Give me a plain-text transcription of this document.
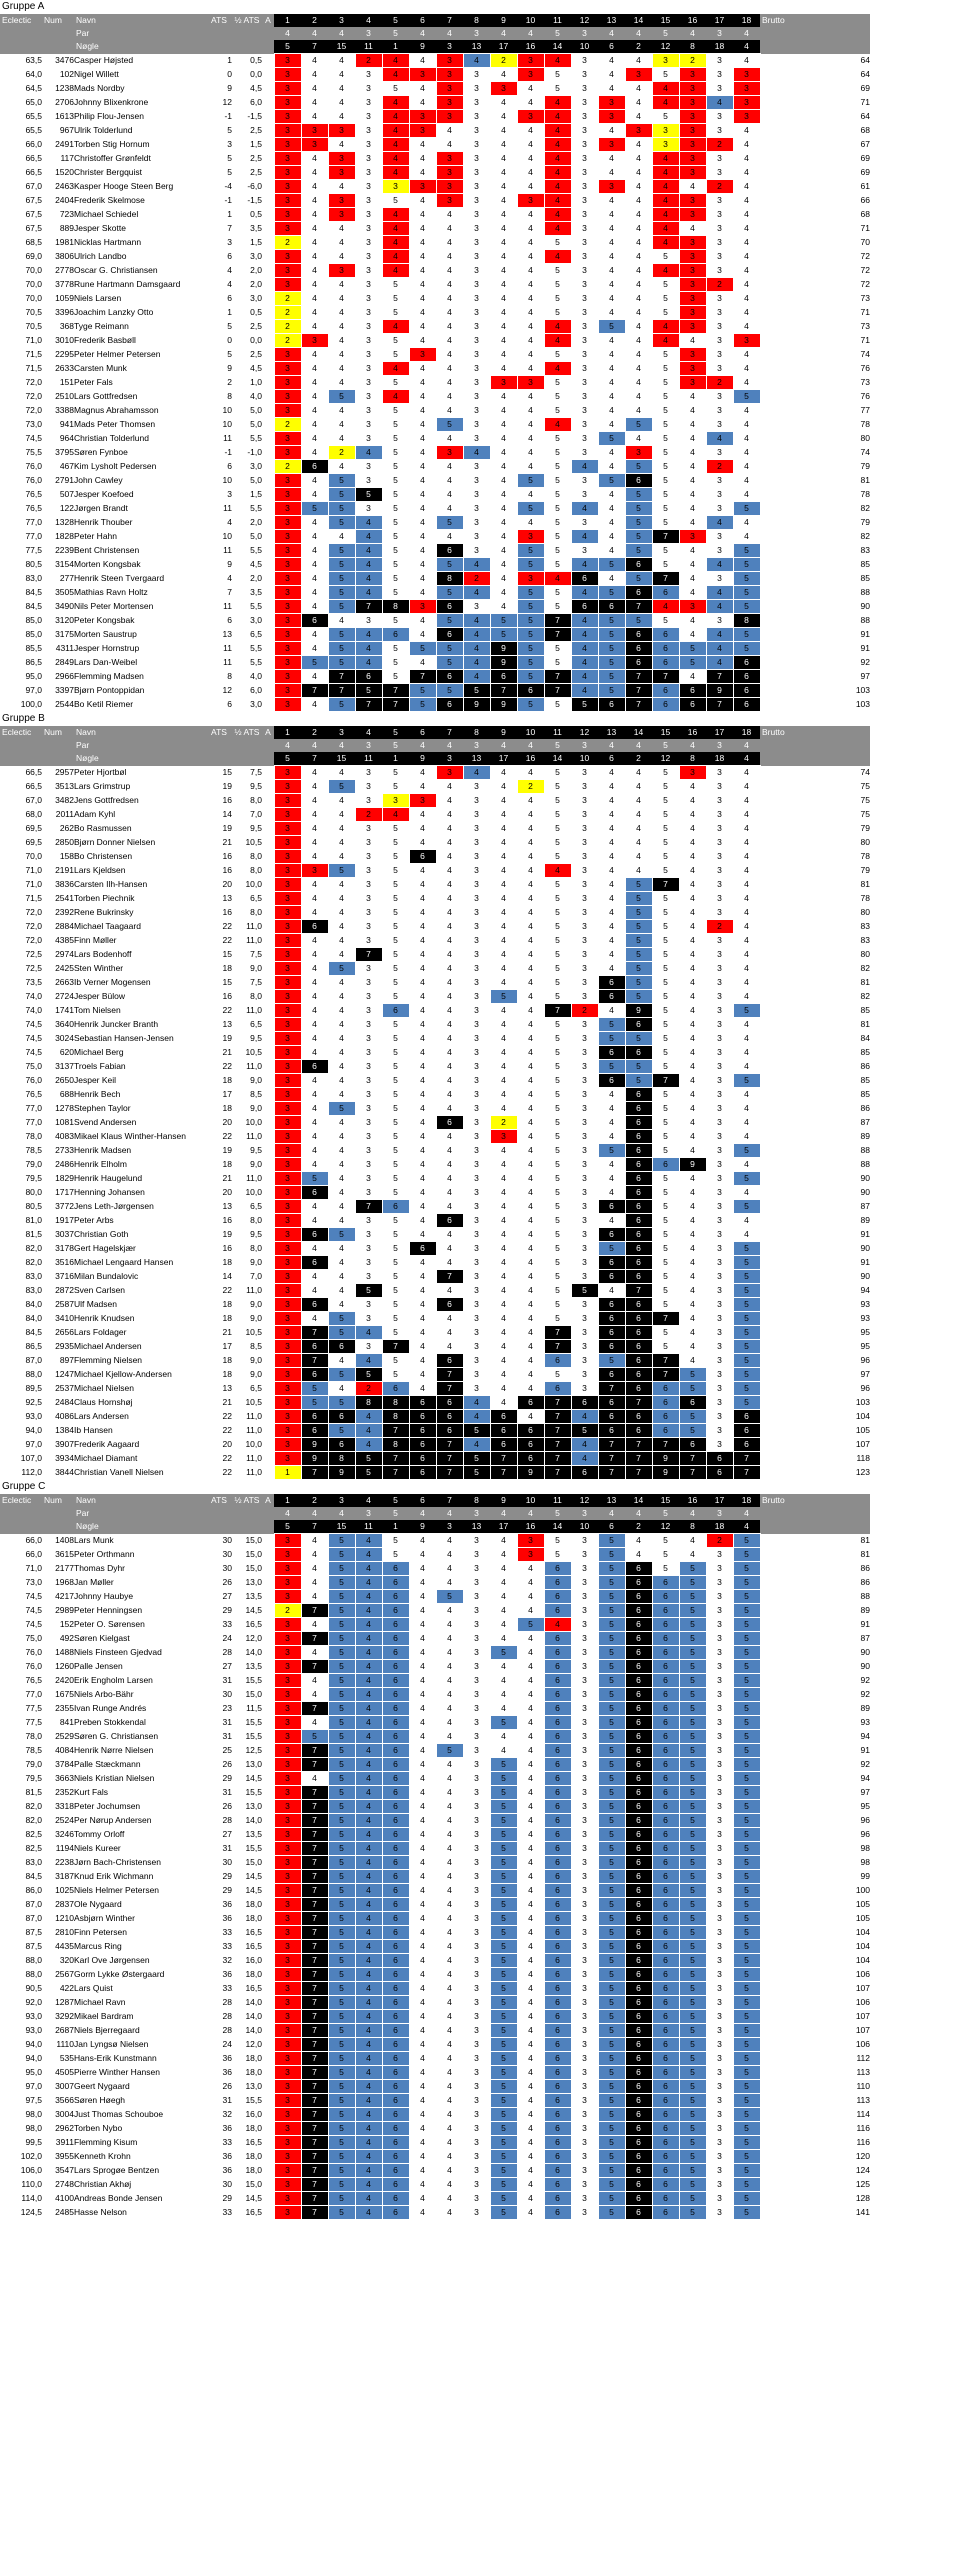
Gruppe A
Eclectic	Num	Navn	ATS	½ ATS	A	1	2	3	4	5	6	7	8	9	10	11	12	13	14	15	16	17	18	Brutto
		Par				4	4	4	3	5	4	4	3	4	4	5	3	4	4	5	4	3	4	
		Nøgle				5	7	15	11	1	9	3	13	17	16	14	10	6	2	12	8	18	4	
63,5	3476	Casper Højsted	1	0,5		3	4	4	2	4	4	3	4	2	3	4	3	4	4	3	2	3	4	64
64,0	102	Nigel Willett	0	0,0		3	4	4	3	4	3	3	3	4	3	5	3	4	3	5	3	3	3	64
64,5	1238	Mads Nordby	9	4,5		3	4	4	3	5	4	3	3	3	4	5	3	4	4	4	3	3	3	69
65,0	2706	Johnny Blixenkrone	12	6,0		3	4	4	3	4	4	3	3	4	4	4	3	3	4	4	3	4	3	71
65,5	1613	Philip Flou-Jensen	-1	-1,5		3	4	4	3	4	3	3	3	4	3	4	3	3	4	5	3	3	3	64
65,5	967	Ulrik Tolderlund	5	2,5		3	3	3	3	4	3	4	3	4	4	4	3	4	3	3	3	3	4	68
66,0	2491	Torben Stig Hornum	3	1,5		3	3	4	3	4	4	4	3	4	4	4	3	3	4	3	3	2	4	67
66,5	117	Christoffer Grønfeldt	5	2,5		3	4	3	3	4	4	3	3	4	4	4	3	4	4	4	3	3	4	69
66,5	1520	Christer Bergquist	5	2,5		3	4	3	3	4	4	3	3	4	4	4	3	4	4	4	3	3	4	69
67,0	2463	Kasper Hooge Steen Berg	-4	-6,0		3	4	4	3	3	3	3	3	4	4	4	3	3	4	4	4	2	4	61
67,5	2404	Frederik Skelmose	-1	-1,5		3	4	3	3	5	4	3	3	4	3	4	3	4	4	4	3	3	4	66
67,5	723	Michael Schiedel	1	0,5		3	4	3	3	4	4	4	3	4	4	4	3	4	4	4	3	3	4	68
67,5	889	Jesper Skotte	7	3,5		3	4	4	3	4	4	4	3	4	4	4	3	4	4	4	4	3	4	71
68,5	1981	Nicklas Hartmann	3	1,5		2	4	4	3	4	4	4	3	4	4	5	3	4	4	4	3	3	4	70
69,0	3806	Ulrich Landbo	6	3,0		3	4	4	3	4	4	4	3	4	4	4	3	4	4	5	3	3	4	72
70,0	2778	Oscar G. Christiansen	4	2,0		3	4	3	3	4	4	4	3	4	4	5	3	4	4	4	3	3	4	72
70,0	3778	Rune Hartmann Damsgaard	4	2,0		3	4	4	3	5	4	4	3	4	4	5	3	4	4	5	3	2	4	72
70,0	1059	Niels Larsen	6	3,0		2	4	4	3	5	4	4	3	4	4	5	3	4	4	5	3	3	4	73
70,5	3396	Joachim Lanzky Otto	1	0,5		2	4	4	3	5	4	4	3	4	4	5	3	4	4	5	3	3	4	71
70,5	368	Tyge Reimann	5	2,5		2	4	4	3	4	4	4	3	4	4	4	3	5	4	4	3	3	4	73
71,0	3010	Frederik Basbøll	0	0,0		2	3	4	3	5	4	4	3	4	4	4	3	4	4	4	4	3	3	71
71,5	2295	Peter Helmer Petersen	5	2,5		3	4	4	3	5	3	4	3	4	4	5	3	4	4	5	3	3	4	74
71,5	2633	Carsten Munk	9	4,5		3	4	4	3	4	4	4	3	4	4	4	3	4	4	5	3	3	4	76
72,0	151	Peter Fals	2	1,0		3	4	4	3	5	4	4	3	3	3	5	3	4	4	5	3	2	4	73
72,0	2510	Lars Gottfredsen	8	4,0		3	4	5	3	4	4	4	3	4	4	5	3	4	4	5	4	3	5	76
72,0	3388	Magnus Abrahamsson	10	5,0		3	4	4	3	5	4	4	3	4	4	5	3	4	4	5	4	3	4	77
73,0	941	Mads Peter Thomsen	10	5,0		2	4	4	3	5	4	5	3	4	4	4	3	4	5	5	4	3	4	78
74,5	964	Christian Tolderlund	11	5,5		3	4	4	3	5	4	4	3	4	4	5	3	5	4	5	4	4	4	80
75,5	3795	Søren Fynboe	-1	-1,0		3	4	2	4	5	4	3	4	4	4	5	3	4	3	5	4	3	4	74
76,0	467	Kim Lysholt Pedersen	6	3,0		2	6	4	3	5	4	4	3	4	4	5	4	4	5	5	4	2	4	79
76,0	2791	John Cawley	10	5,0		3	4	5	3	5	4	4	3	4	5	5	3	5	6	5	4	3	4	81
76,5	507	Jesper Koefoed	3	1,5		3	4	5	5	5	4	4	3	4	4	5	3	4	5	5	4	3	4	78
76,5	122	Jørgen Brandt	11	5,5		3	5	5	3	5	4	4	3	4	5	5	4	4	5	5	4	3	5	82
77,0	1328	Henrik Thouber	4	2,0		3	4	5	4	5	4	5	3	4	4	5	3	4	5	5	4	4	4	79
77,0	1828	Peter Hahn	10	5,0		3	4	4	4	5	4	4	3	4	3	5	4	4	5	7	3	3	4	82
77,5	2239	Bent Christensen	11	5,5		3	4	5	4	5	4	6	3	4	5	5	3	4	5	5	4	3	5	83
80,5	3154	Morten Kongsbak	9	4,5		3	4	5	4	5	4	5	4	4	5	5	4	5	6	5	4	4	5	85
83,0	277	Henrik Steen Tvergaard	4	2,0		3	4	5	4	5	4	8	2	4	3	4	6	4	5	7	4	3	5	85
84,5	3505	Mathias Ravn Holtz	7	3,5		3	4	5	4	5	4	5	4	4	5	5	4	5	6	6	4	4	5	88
84,5	3490	Nils Peter Mortensen	11	5,5		3	4	5	7	8	3	6	3	4	5	5	6	6	7	4	3	4	5	90
85,0	3120	Peter Kongsbak	6	3,0		3	6	4	3	5	4	5	4	5	5	7	4	5	5	5	4	3	8	88
85,0	3175	Morten Saustrup	13	6,5		3	4	5	4	6	4	6	4	5	5	7	4	5	6	6	4	4	5	91
85,5	4311	Jesper Hornstrup	11	5,5		3	4	5	4	5	5	5	4	9	5	5	4	5	6	6	5	4	5	91
86,5	2849	Lars Dan-Weibel	11	5,5		3	5	5	4	5	4	5	4	9	5	5	4	5	6	6	5	4	6	92
95,0	2966	Flemming Madsen	8	4,0		3	4	7	6	5	7	6	4	6	5	7	4	5	7	7	4	7	6	97
97,0	3397	Bjørn Pontoppidan	12	6,0		3	7	7	5	7	5	5	5	7	6	7	4	5	7	6	6	9	6	103
100,0	2544	Bo Ketil Riemer	6	3,0		3	4	5	7	7	5	6	9	9	5	5	5	6	7	6	6	7	6	103
Gruppe B
Eclectic	Num	Navn	ATS	½ ATS	A	1	2	3	4	5	6	7	8	9	10	11	12	13	14	15	16	17	18	Brutto
		Par				4	4	4	3	5	4	4	3	4	4	5	3	4	4	5	4	3	4	
		Nøgle				5	7	15	11	1	9	3	13	17	16	14	10	6	2	12	8	18	4	
66,5	2957	Peter Hjortbøl	15	7,5		3	4	4	3	5	4	3	4	4	4	5	3	4	4	5	3	3	4	74
66,5	3513	Lars Grimstrup	19	9,5		3	4	5	3	5	4	4	3	4	2	5	3	4	4	5	4	3	4	75
67,0	3482	Jens Gottfredsen	16	8,0		3	4	4	3	3	3	4	3	4	4	5	3	4	4	5	4	3	4	75
68,0	2011	Adam Kyhl	14	7,0		3	4	4	2	4	4	4	3	4	4	5	3	4	4	5	4	3	4	75
69,5	262	Bo Rasmussen	19	9,5		3	4	4	3	5	4	4	3	4	4	5	3	4	4	5	4	3	4	79
69,5	2850	Bjørn Donner Nielsen	21	10,5		3	4	4	3	5	4	4	3	4	4	5	3	4	4	5	4	3	4	80
70,0	158	Bo Christensen	16	8,0		3	4	4	3	5	6	4	3	4	4	5	3	4	4	5	4	3	4	78
71,0	2191	Lars Kjeldsen	16	8,0		3	3	5	3	5	4	4	3	4	4	4	3	4	4	5	4	3	4	79
71,0	3836	Carsten Ilh-Hansen	20	10,0		3	4	4	3	5	4	4	3	4	4	5	3	4	5	7	4	3	4	81
71,5	2541	Torben Piechnik	13	6,5		3	4	4	3	5	4	4	3	4	4	5	3	4	5	5	4	3	4	78
72,0	2392	Rene Bukrinsky	16	8,0		3	4	4	3	5	4	4	3	4	4	5	3	4	5	5	4	3	4	80
72,0	2884	Michael Taagaard	22	11,0		3	6	4	3	5	4	4	3	4	4	5	3	4	5	5	4	2	4	83
72,0	4385	Finn Møller	22	11,0		3	4	4	3	5	4	4	3	4	4	5	3	4	5	5	4	3	4	83
72,5	2974	Lars Bodenhoff	15	7,5		3	4	4	7	5	4	4	3	4	4	5	3	4	5	5	4	3	4	80
72,5	2425	Sten Winther	18	9,0		3	4	5	3	5	4	4	3	4	4	5	3	4	5	5	4	3	4	82
73,5	2663	Ib Verner Mogensen	15	7,5		3	4	4	3	5	4	4	3	4	4	5	3	6	5	5	4	3	4	81
74,0	2724	Jesper Bülow	16	8,0		3	4	4	3	5	4	4	3	5	4	5	3	6	5	5	4	3	4	82
74,0	1741	Tom Nielsen	22	11,0		3	4	4	3	6	4	4	3	4	4	7	2	4	9	5	4	3	5	85
74,5	3640	Henrik Juncker Branth	13	6,5		3	4	4	3	5	4	4	3	4	4	5	3	5	6	5	4	3	4	81
74,5	3024	Sebastian Hansen-Jensen	19	9,5		3	4	4	3	5	4	4	3	4	4	5	3	5	5	5	4	3	4	84
74,5	620	Michael Berg	21	10,5		3	4	4	3	5	4	4	3	4	4	5	3	6	6	5	4	3	4	85
75,0	3137	Troels Fabian	22	11,0		3	6	4	3	5	4	4	3	4	4	5	3	5	5	5	4	3	4	86
76,0	2650	Jesper Keil	18	9,0		3	4	4	3	5	4	4	3	4	4	5	3	6	5	7	4	3	5	85
76,5	688	Henrik Bech	17	8,5		3	4	4	3	5	4	4	3	4	4	5	3	4	6	5	4	3	4	85
77,0	1278	Stephen Taylor	18	9,0		3	4	5	3	5	4	4	3	4	4	5	3	4	6	5	4	3	4	86
77,0	1081	Svend Andersen	20	10,0		3	4	4	3	5	4	6	3	2	4	5	3	4	6	5	4	3	4	87
78,0	4083	Mikael Klaus Winther-Hansen	22	11,0		3	4	4	3	5	4	4	3	3	4	5	3	4	6	5	4	3	4	89
78,5	2733	Henrik Madsen	19	9,5		3	4	4	3	5	4	4	3	4	4	5	3	5	6	5	4	3	5	88
79,0	2486	Henrik Elholm	18	9,0		3	4	4	3	5	4	4	3	4	4	5	3	4	6	6	9	3	4	88
79,5	1829	Henrik Haugelund	21	11,0		3	5	4	3	5	4	4	3	4	4	5	3	4	6	5	4	3	5	90
80,0	1717	Henning Johansen	20	10,0		3	6	4	3	5	4	4	3	4	4	5	3	4	6	5	4	3	4	90
80,5	3772	Jens Leth-Jørgensen	13	6,5		3	4	4	7	6	4	4	3	4	4	5	3	6	6	5	4	3	5	87
81,0	1917	Peter Arbs	16	8,0		3	4	4	3	5	4	6	3	4	4	5	3	4	6	5	4	3	4	89
81,5	3037	Christian Goth	19	9,5		3	6	5	3	5	4	4	3	4	4	5	3	6	6	5	4	3	4	91
82,0	3178	Gert Hagelskjær	16	8,0		3	4	4	3	5	6	4	3	4	4	5	3	5	6	5	4	3	5	90
82,0	3516	Michael Lengaard Hansen	18	9,0		3	6	4	3	5	4	4	3	4	4	5	3	6	6	5	4	3	5	91
83,0	3716	Milan Bundalovic	14	7,0		3	4	4	3	5	4	7	3	4	4	5	3	6	6	5	4	3	5	90
83,0	2872	Sven Carlsen	22	11,0		3	4	4	5	5	4	4	3	4	4	5	5	4	7	5	4	3	5	94
84,0	2587	Ulf Madsen	18	9,0		3	6	4	3	5	4	6	3	4	4	5	3	6	6	5	4	3	5	93
84,0	3410	Henrik Knudsen	18	9,0		3	4	5	3	5	4	4	3	4	4	5	3	6	6	7	4	3	5	93
84,5	2656	Lars Foldager	21	10,5		3	7	5	4	5	4	4	3	4	4	7	3	6	6	5	4	3	5	95
86,5	2935	Michael Andersen	17	8,5		3	6	6	3	7	4	4	3	4	4	7	3	6	6	5	4	3	5	95
87,0	897	Flemming Nielsen	18	9,0		3	7	4	4	5	4	6	3	4	4	6	3	5	6	7	4	3	5	96
88,0	1247	Michael Kjellow-Andersen	18	9,0		3	6	5	5	5	4	7	3	4	4	5	3	6	6	7	5	3	5	97
89,5	2537	Michael Nielsen	13	6,5		3	5	4	2	6	4	7	3	4	4	6	3	7	6	6	5	3	5	96
92,5	2484	Claus Hornshøj	21	10,5		3	5	5	8	8	6	6	4	4	6	7	6	6	7	6	6	3	5	103
93,0	4086	Lars Andersen	22	11,0		3	6	6	4	8	6	6	4	6	4	7	4	6	6	6	5	3	6	104
94,0	1384	Ib Hansen	22	11,0		3	6	5	4	7	6	6	5	6	6	7	5	6	6	6	5	3	6	105
97,0	3907	Frederik Aagaard	20	10,0		3	9	6	4	8	6	7	4	6	6	7	4	7	7	7	6	3	6	107
107,0	3934	Michael Diamant	22	11,0		3	9	8	5	7	6	7	5	7	6	7	4	7	7	9	7	6	7	118
112,0	3844	Christian Vanell Nielsen	22	11,0		1	7	9	5	7	6	7	5	7	9	7	6	7	7	9	7	6	7	123
Gruppe C
Eclectic	Num	Navn	ATS	½ ATS	A	1	2	3	4	5	6	7	8	9	10	11	12	13	14	15	16	17	18	Brutto
		Par				4	4	4	3	5	4	4	3	4	4	5	3	4	4	5	4	3	4	
		Nøgle				5	7	15	11	1	9	3	13	17	16	14	10	6	2	12	8	18	4	
66,0	1408	Lars Munk	30	15,0		3	4	5	4	5	4	4	3	4	3	5	3	5	4	5	4	2	5	81
66,0	3615	Peter Orthmann	30	15,0		3	4	5	4	5	4	4	3	4	3	5	3	5	4	5	4	3	5	81
71,0	2177	Thomas Dyhr	30	15,0		3	4	5	4	6	4	4	3	4	4	6	3	5	6	5	5	3	5	86
73,0	1968	Jan Møller	26	13,0		3	4	5	4	6	4	4	3	4	4	6	3	5	6	6	5	3	5	86
74,5	4217	Johnny Haubye	27	13,5		3	4	5	4	6	4	5	3	4	4	6	3	5	6	6	5	3	5	88
74,5	2989	Peter Henningsen	29	14,5		2	7	5	4	6	4	4	3	4	4	6	3	5	6	6	5	3	5	89
74,5	152	Peter O. Sørensen	33	16,5		3	4	5	4	6	4	4	3	4	5	4	3	5	6	6	5	3	5	91
75,0	492	Søren Kielgast	24	12,0		3	7	5	4	6	4	4	3	4	4	6	3	5	6	6	5	3	5	87
76,0	1488	Niels Finsteen Gjedvad	28	14,0		3	4	5	4	6	4	4	3	5	4	6	3	5	6	6	5	3	5	90
76,0	1260	Palle Jensen	27	13,5		3	7	5	4	6	4	4	3	4	4	6	3	5	6	6	5	3	5	90
76,5	2420	Erik Engholm Larsen	31	15,5		3	4	5	4	6	4	4	3	4	4	6	3	5	6	6	5	3	5	92
77,0	1675	Niels Arbo-Bähr	30	15,0		3	4	5	4	6	4	4	3	4	4	6	3	5	6	6	5	3	5	92
77,5	2355	Ivan Runge Andrés	23	11,5		3	7	5	4	6	4	4	3	4	4	6	3	5	6	6	5	3	5	89
77,5	841	Preben Stokkendal	31	15,5		3	4	5	4	6	4	4	3	5	4	6	3	5	6	6	5	3	5	93
78,0	2529	Søren G. Christiansen	31	15,5		3	5	5	4	6	4	4	3	4	4	6	3	5	6	6	5	3	5	94
78,5	4084	Henrik Nørre Nielsen	25	12,5		3	7	5	4	6	4	5	3	4	4	6	3	5	6	6	5	3	5	91
79,0	3784	Palle Stæckmann	26	13,0		3	7	5	4	6	4	4	3	5	4	6	3	5	6	6	5	3	5	92
79,5	3663	Niels Kristian Nielsen	29	14,5		3	4	5	4	6	4	4	3	5	4	6	3	5	6	6	5	3	5	94
81,5	2352	Kurt Fals	31	15,5		3	7	5	4	6	4	4	3	5	4	6	3	5	6	6	5	3	5	97
82,0	3318	Peter Jochumsen	26	13,0		3	7	5	4	6	4	4	3	5	4	6	3	5	6	6	5	3	5	95
82,0	2524	Per Nørup Andersen	28	14,0		3	7	5	4	6	4	4	3	5	4	6	3	5	6	6	5	3	5	96
82,5	3246	Tommy Orloff	27	13,5		3	7	5	4	6	4	4	3	5	4	6	3	5	6	6	5	3	5	96
82,5	1194	Niels Kureer	31	15,5		3	7	5	4	6	4	4	3	5	4	6	3	5	6	6	5	3	5	98
83,0	2238	Jørn Bach-Christensen	30	15,0		3	7	5	4	6	4	4	3	5	4	6	3	5	6	6	5	3	5	98
84,5	3187	Knud Erik Wichmann	29	14,5		3	7	5	4	6	4	4	3	5	4	6	3	5	6	6	5	3	5	99
86,0	1025	Niels Helmer Petersen	29	14,5		3	7	5	4	6	4	4	3	5	4	6	3	5	6	6	5	3	5	100
87,0	2837	Ole Nygaard	36	18,0		3	7	5	4	6	4	4	3	5	4	6	3	5	6	6	5	3	5	105
87,0	1210	Asbjørn Winther	36	18,0		3	7	5	4	6	4	4	3	5	4	6	3	5	6	6	5	3	5	105
87,5	2810	Finn Petersen	33	16,5		3	7	5	4	6	4	4	3	5	4	6	3	5	6	6	5	3	5	104
87,5	4435	Marcus Ring	33	16,5		3	7	5	4	6	4	4	3	5	4	6	3	5	6	6	5	3	5	104
88,0	320	Karl Ove Jørgensen	32	16,0		3	7	5	4	6	4	4	3	5	4	6	3	5	6	6	5	3	5	104
88,0	2567	Gorm Lykke Østergaard	36	18,0		3	7	5	4	6	4	4	3	5	4	6	3	5	6	6	5	3	5	106
90,5	422	Lars Quist	33	16,5		3	7	5	4	6	4	4	3	5	4	6	3	5	6	6	5	3	5	107
92,0	1287	Michael Ravn	28	14,0		3	7	5	4	6	4	4	3	5	4	6	3	5	6	6	5	3	5	106
93,0	3292	Mikael Bardram	28	14,0		3	7	5	4	6	4	4	3	5	4	6	3	5	6	6	5	3	5	107
93,0	2687	Niels Bjerregaard	28	14,0		3	7	5	4	6	4	4	3	5	4	6	3	5	6	6	5	3	5	107
94,0	1110	Jan Lyngsø Nielsen	24	12,0		3	7	5	4	6	4	4	3	5	4	6	3	5	6	6	5	3	5	106
94,0	535	Hans-Erik Kunstmann	36	18,0		3	7	5	4	6	4	4	3	5	4	6	3	5	6	6	5	3	5	112
95,0	4505	Pierre Winther Hansen	36	18,0		3	7	5	4	6	4	4	3	5	4	6	3	5	6	6	5	3	5	113
97,0	3007	Geert Nygaard	26	13,0		3	7	5	4	6	4	4	3	5	4	6	3	5	6	6	5	3	5	110
97,5	3566	Søren Høegh	31	15,5		3	7	5	4	6	4	4	3	5	4	6	3	5	6	6	5	3	5	113
98,0	3004	Just Thomas Schouboe	32	16,0		3	7	5	4	6	4	4	3	5	4	6	3	5	6	6	5	3	5	114
98,0	2962	Torben Nybo	36	18,0		3	7	5	4	6	4	4	3	5	4	6	3	5	6	6	5	3	5	116
99,5	3911	Flemming Kisum	33	16,5		3	7	5	4	6	4	4	3	5	4	6	3	5	6	6	5	3	5	116
102,0	3955	Kenneth Krohn	36	18,0		3	7	5	4	6	4	4	3	5	4	6	3	5	6	6	5	3	5	120
106,0	3547	Lars Sprogøe Bentzen	36	18,0		3	7	5	4	6	4	4	3	5	4	6	3	5	6	6	5	3	5	124
110,0	2748	Christian Akhøj	30	15,0		3	7	5	4	6	4	4	3	5	4	6	3	5	6	6	5	3	5	125
114,0	4100	Andreas Bonde Jensen	29	14,5		3	7	5	4	6	4	4	3	5	4	6	3	5	6	6	5	3	5	128
124,5	2485	Hasse Nelson	33	16,5		3	7	5	4	6	4	4	3	5	4	6	3	5	6	6	5	3	5	141
